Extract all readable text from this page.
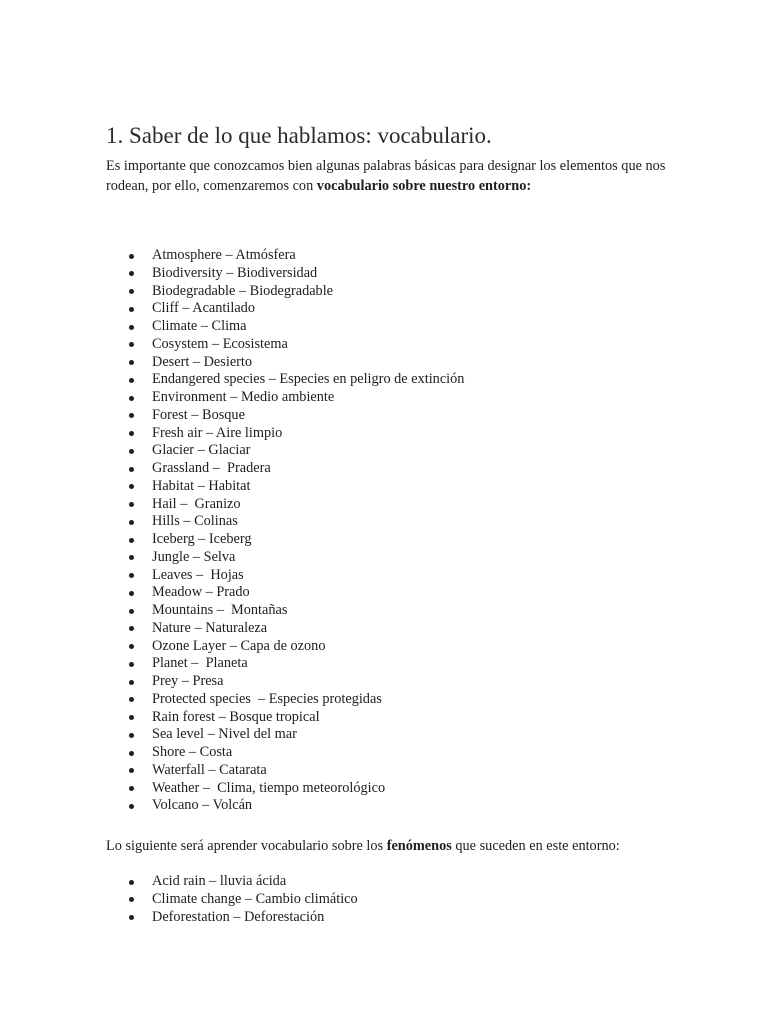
1. Saber de lo que hablamos: vocabulario.

Es importante que conozcamos bien algunas palabras básicas para designar los elementos que nos rodean, por ello, comenzaremos con vocabulario sobre nuestro entorno:

Atmosphere – Atmósfera
Biodiversity – Biodiversidad
Biodegradable – Biodegradable
Cliff – Acantilado
Climate – Clima
Cosystem – Ecosistema
Desert – Desierto
Endangered species – Especies en peligro de extinción
Environment – Medio ambiente
Forest – Bosque
Fresh air – Aire limpio
Glacier – Glaciar
Grassland –  Pradera
Habitat – Habitat
Hail –  Granizo
Hills – Colinas
Iceberg – Iceberg
Jungle – Selva
Leaves –  Hojas
Meadow – Prado
Mountains –  Montañas
Nature – Naturaleza
Ozone Layer – Capa de ozono
Planet –  Planeta
Prey – Presa
Protected species  – Especies protegidas
Rain forest – Bosque tropical
Sea level – Nivel del mar
Shore – Costa
Waterfall – Catarata
Weather –  Clima, tiempo meteorológico
Volcano – Volcán

Lo siguiente será aprender vocabulario sobre los fenómenos que suceden en este entorno:

Acid rain – lluvia ácida
Climate change – Cambio climático
Deforestation – Deforestación
